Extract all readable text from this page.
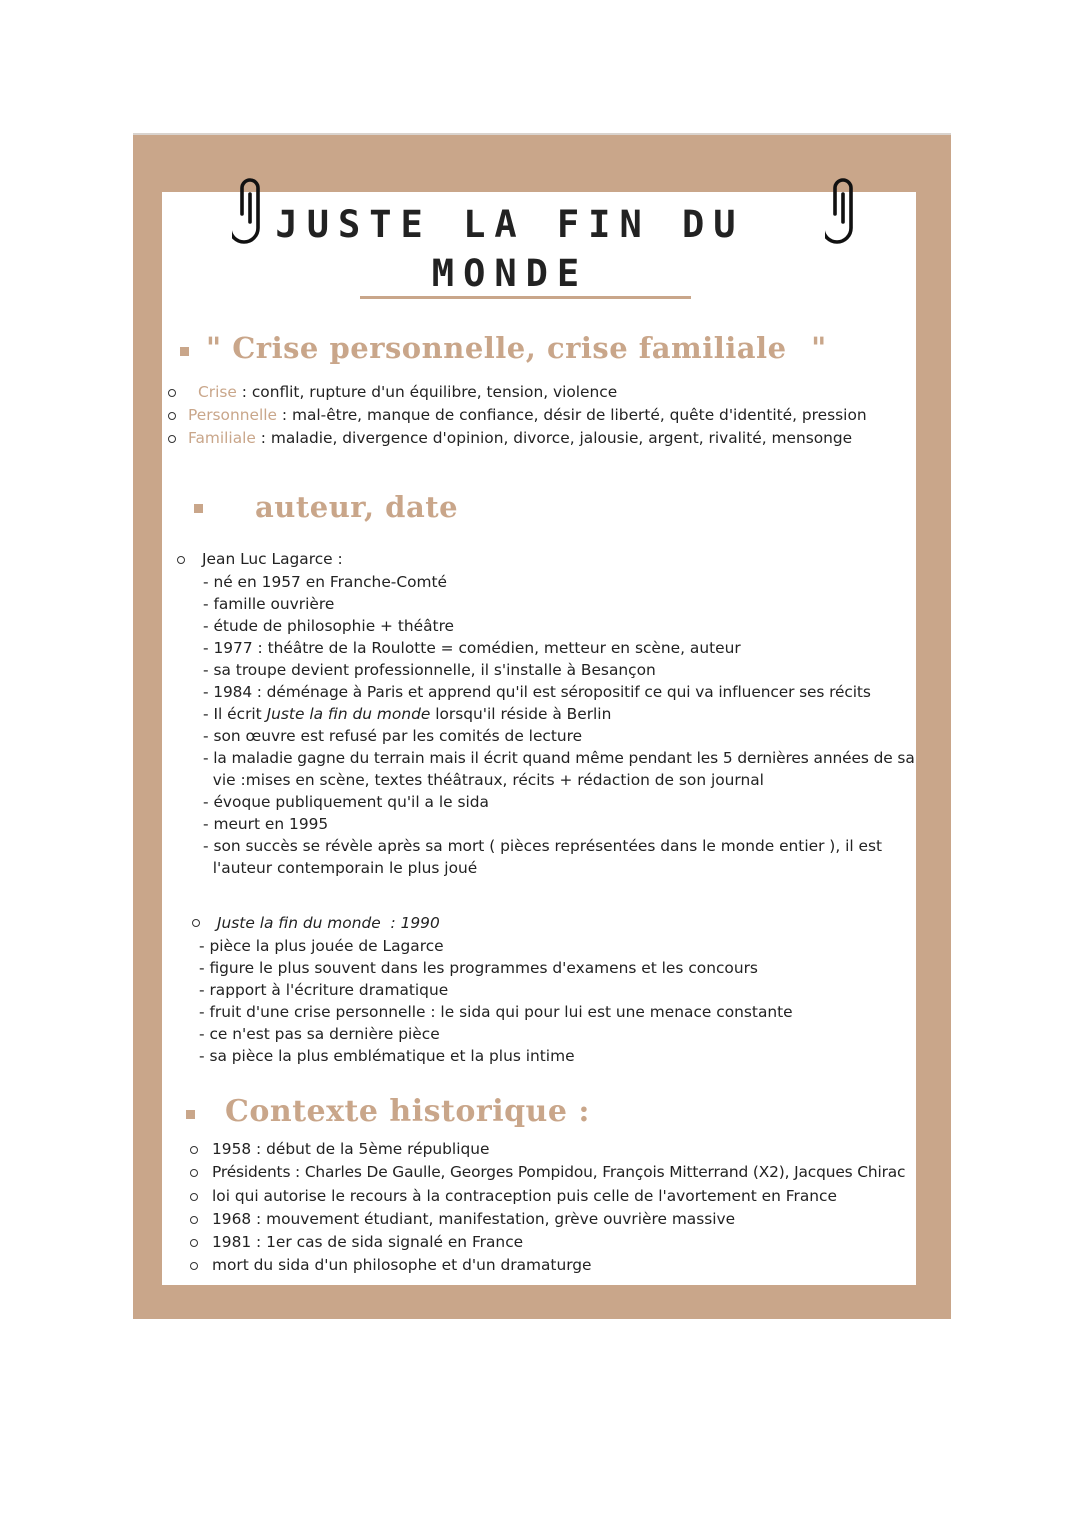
JUSTE LA FIN DU
MONDE
" Crise personnelle, crise familiale "
Crise : conflit, rupture d'un équilibre, tension, violence
Personnelle : mal-être, manque de confiance, désir de liberté, quête d'identité, pression
Familiale : maladie, divergence d'opinion, divorce, jalousie, argent, rivalité, mensonge
auteur, date
Jean Luc Lagarce :
- né en 1957 en Franche-Comté
- famille ouvrière
- étude de philosophie + théâtre
- 1977 : théâtre de la Roulotte = comédien, metteur en scène, auteur
- sa troupe devient professionnelle, il s'installe à Besançon
- 1984 : déménage à Paris et apprend qu'il est séropositif ce qui va influencer ses récits
- Il écrit Juste la fin du monde lorsqu'il réside à Berlin
- son œuvre est refusé par les comités de lecture
- la maladie gagne du terrain mais il écrit quand même pendant les 5 dernières années de sa
vie :mises en scène, textes théâtraux, récits + rédaction de son journal
- évoque publiquement qu'il a le sida
- meurt en 1995
- son succès se révèle après sa mort ( pièces représentées dans le monde entier ), il est
l'auteur contemporain le plus joué
Juste la fin du monde  : 1990
- pièce la plus jouée de Lagarce
- figure le plus souvent dans les programmes d'examens et les concours
- rapport à l'écriture dramatique
- fruit d'une crise personnelle : le sida qui pour lui est une menace constante
- ce n'est pas sa dernière pièce
- sa pièce la plus emblématique et la plus intime
Contexte historique :
1958 : début de la 5ème république
Présidents : Charles De Gaulle, Georges Pompidou, François Mitterrand (X2), Jacques Chirac
loi qui autorise le recours à la contraception puis celle de l'avortement en France
1968 : mouvement étudiant, manifestation, grève ouvrière massive
1981 : 1er cas de sida signalé en France
mort du sida d'un philosophe et d'un dramaturge
